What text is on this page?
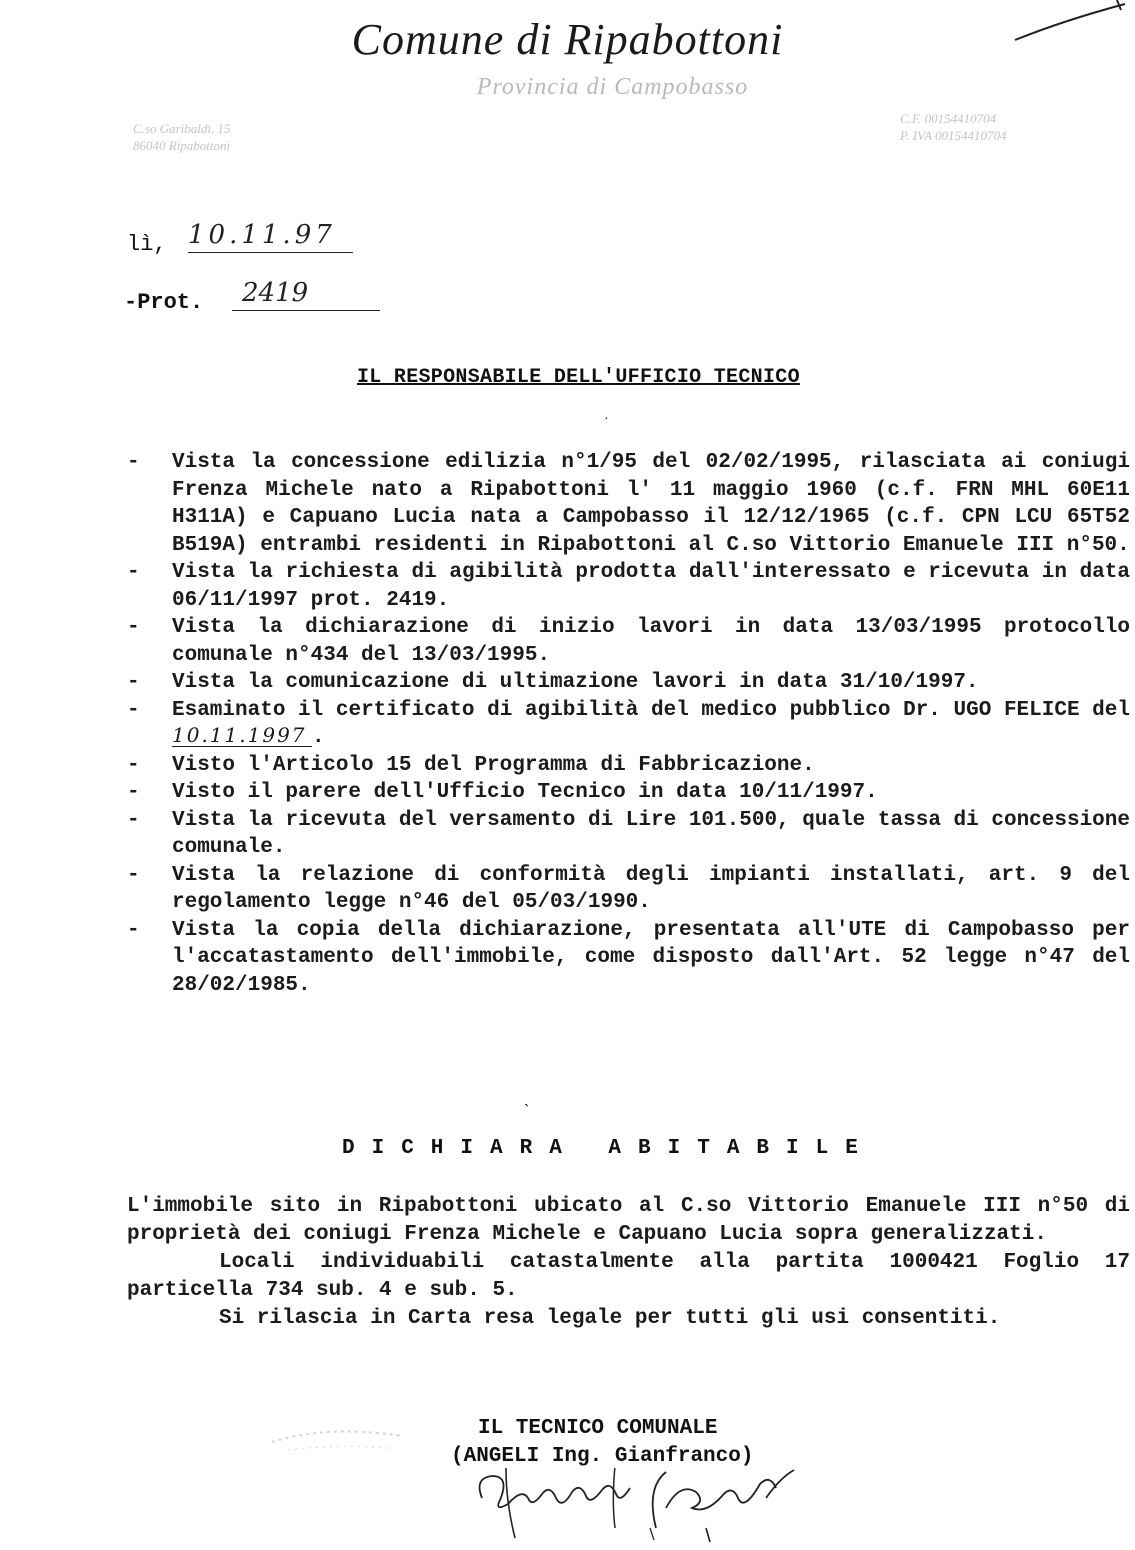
Comune di Ripabottoni
Provincia di Campobasso
C.so Garibaldi, 15
86040 Ripabottoni
C.F. 00154410704
P. IVA 00154410704
lì, 10.11.97
-Prot.	2419
IL RESPONSABILE DELL'UFFICIO TECNICO
·
- Vista la concessione edilizia n°1/95 del 02/02/1995, rilasciata ai coniugi Frenza Michele nato a Ripabottoni l' 11 maggio 1960 (c.f. FRN MHL 60E11 H311A) e Capuano Lucia nata a Campobasso il 12/12/1965 (c.f. CPN LCU 65T52 B519A) entrambi residenti in Ripabottoni al C.so Vittorio Emanuele III n°50.
- Vista la richiesta di agibilità prodotta dall'interessato e ricevuta in data 06/11/1997 prot. 2419.
- Vista la dichiarazione di inizio lavori in data 13/03/1995 protocollo comunale n°434 del 13/03/1995.
- Vista la comunicazione di ultimazione lavori in data 31/10/1997.
- Esaminato il certificato di agibilità del medico pubblico Dr. UGO FELICE del 10.11.1997 .
- Visto l'Articolo 15 del Programma di Fabbricazione.
- Visto il parere dell'Ufficio Tecnico in data 10/11/1997.
- Vista la ricevuta del versamento di Lire 101.500, quale tassa di concessione comunale.
- Vista la relazione di conformità degli impianti installati, art. 9 del regolamento legge n°46 del 05/03/1990.
- Vista la copia della dichiarazione, presentata all'UTE di Campobasso per l'accatastamento dell'immobile, come disposto dall'Art. 52 legge n°47 del 28/02/1985.
ˋ
DICHIARA ABITABILE

L'immobile sito in Ripabottoni ubicato al C.so Vittorio Emanuele III n°50 di proprietà dei coniugi Frenza Michele e Capuano Lucia sopra generalizzati.

Locali individuabili catastalmente alla partita 1000421 Foglio 17 particella 734 sub. 4 e sub. 5.

Si rilascia in Carta resa legale per tutti gli usi consentiti.

IL TECNICO COMUNALE
(ANGELI Ing. Gianfranco)
